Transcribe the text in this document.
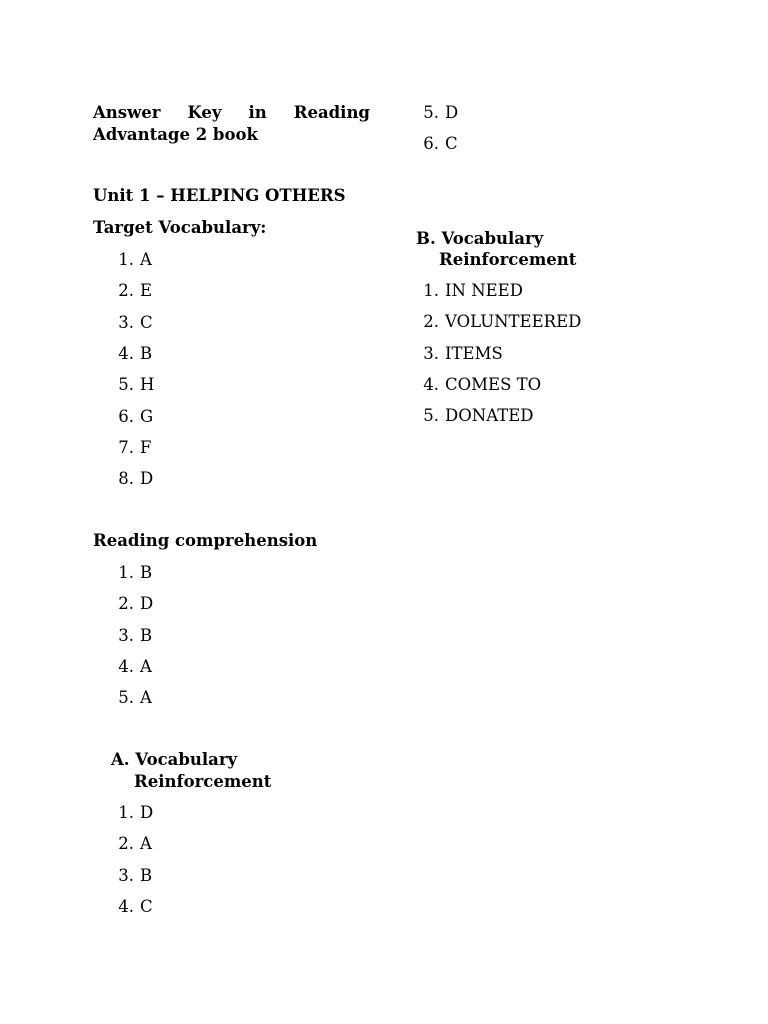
Answer Key in Reading
Advantage 2 book
Unit 1 – HELPING OTHERS
Target Vocabulary:
1. A
2. E
3. C
4. B
5. H
6. G
7. F
8. D
Reading comprehension
1. B
2. D
3. B
4. A
5. A
A. Vocabulary
Reinforcement
1. D
2. A
3. B
4. C
5. D
6. C
B. Vocabulary
Reinforcement
1. IN NEED
2. VOLUNTEERED
3. ITEMS
4. COMES TO
5. DONATED
